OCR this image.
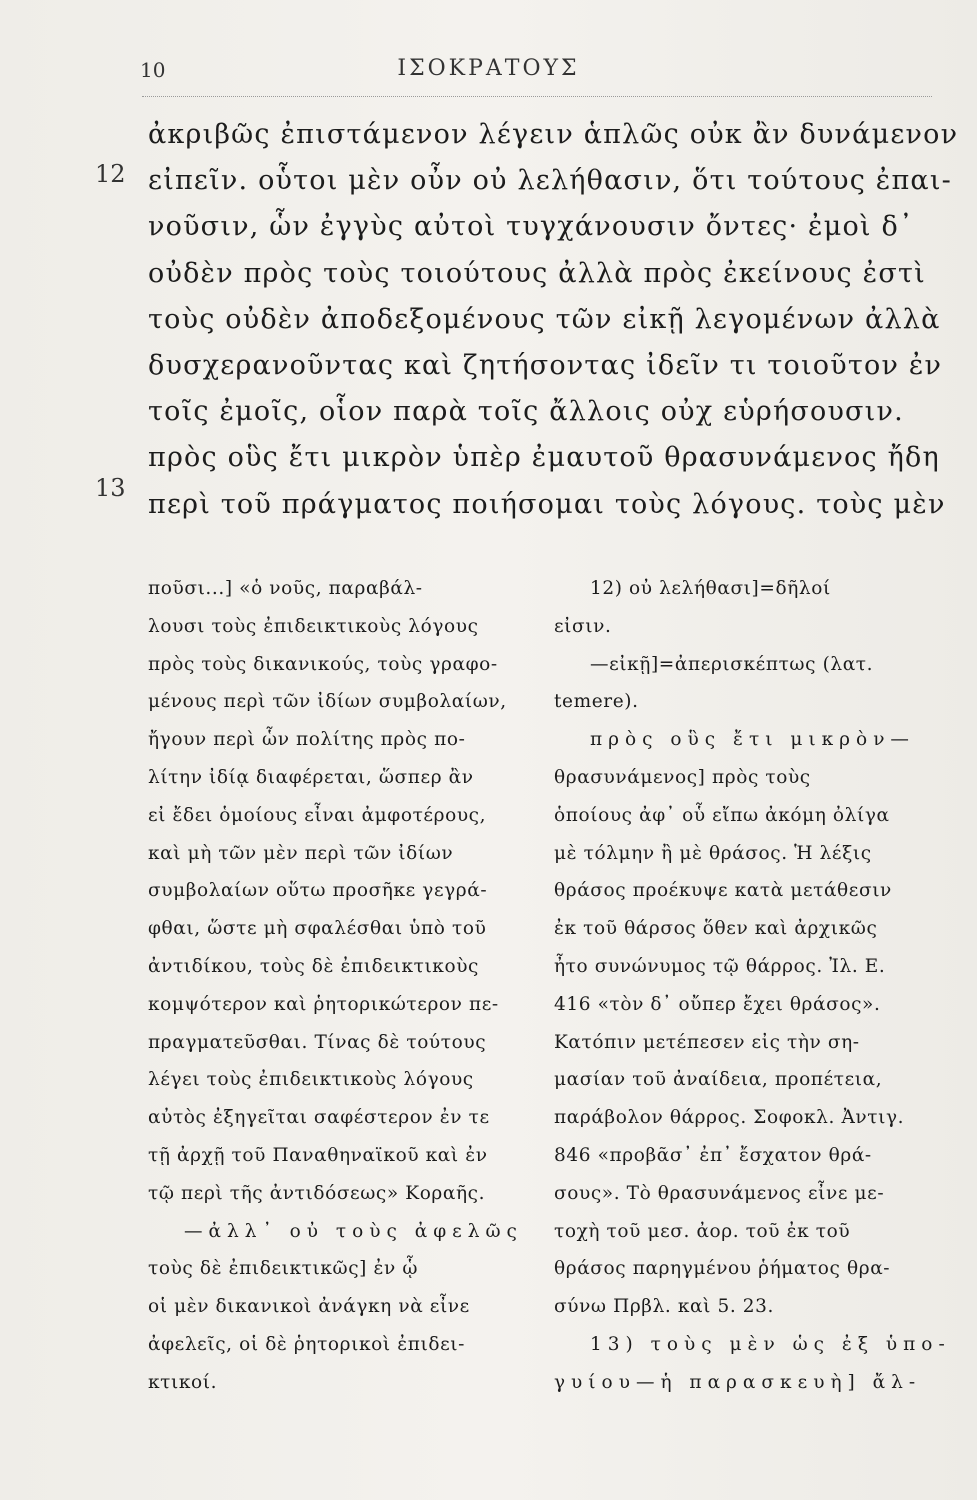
10	ΙΣΟΚΡΑΤΟΥΣ
12
13
ἀκριβῶς ἐπιστάμενον λέγειν ἁπλῶς οὐκ ἂν δυνάμενον
εἰπεῖν. οὗτοι μὲν οὖν οὐ λελήθασιν, ὅτι τούτους ἐπαι-
νοῦσιν, ὧν ἐγγὺς αὐτοὶ τυγχάνουσιν ὄντες· ἐμοὶ δ᾽
οὐδὲν πρὸς τοὺς τοιούτους ἀλλὰ πρὸς ἐκείνους ἐστὶ
τοὺς οὐδὲν ἀποδεξομένους τῶν εἰκῇ λεγομένων ἀλλὰ
δυσχερανοῦντας καὶ ζητήσοντας ἰδεῖν τι τοιοῦτον ἐν
τοῖς ἐμοῖς, οἷον παρὰ τοῖς ἄλλοις οὐχ εὑρήσουσιν.
πρὸς οὓς ἔτι μικρὸν ὑπὲρ ἐμαυτοῦ θρασυνάμενος ἤδη
περὶ τοῦ πράγματος ποιήσομαι τοὺς λόγους. τοὺς μὲν
ποῦσι...] «ὁ νοῦς, παραβάλ-
λουσι τοὺς ἐπιδεικτικοὺς λόγους
πρὸς τοὺς δικανικούς, τοὺς γραφο-
μένους περὶ τῶν ἰδίων συμβολαίων,
ἤγουν περὶ ὧν πολίτης πρὸς πο-
λίτην ἰδίᾳ διαφέρεται, ὥσπερ ἂν
εἰ ἔδει ὁμοίους εἶναι ἀμφοτέρους,
καὶ μὴ τῶν μὲν περὶ τῶν ἰδίων
συμβολαίων οὕτω προσῆκε γεγρά-
φθαι, ὥστε μὴ σφαλέσθαι ὑπὸ τοῦ
ἀντιδίκου, τοὺς δὲ ἐπιδεικτικοὺς
κομψότερον καὶ ῥητορικώτερον πε-
πραγματεῦσθαι. Τίνας δὲ τούτους
λέγει τοὺς ἐπιδεικτικοὺς λόγους
αὐτὸς ἐξηγεῖται σαφέστερον ἐν τε
τῇ ἀρχῇ τοῦ Παναθηναϊκοῦ καὶ ἐν
τῷ περὶ τῆς ἀντιδόσεως» Κοραῆς.
—ἀλλ᾽ οὐ τοὺς ἀφελῶς
τοὺς δὲ ἐπιδεικτικῶς] ἐν ᾧ
οἱ μὲν δικανικοὶ ἀνάγκη νὰ εἶνε
ἀφελεῖς, οἱ δὲ ῥητορικοὶ ἐπιδει-
κτικοί.
12) οὐ λελήθασι]=δῆλοί
εἰσιν.
—εἰκῇ]=ἀπερισκέπτως (λατ.
temere).
πρὸς οὓς ἔτι μικρὸν—
θρασυνάμενος] πρὸς τοὺς
ὁποίους ἀφ᾽ οὗ εἴπω ἀκόμη ὀλίγα
μὲ τόλμην ἢ μὲ θράσος. Ἡ λέξις
θράσος προέκυψε κατὰ μετάθεσιν
ἐκ τοῦ θάρσος ὅθεν καὶ ἀρχικῶς
ἦτο συνώνυμος τῷ θάρρος. Ἰλ. Ε.
416 «τὸν δ᾽ οὔπερ ἔχει θράσος».
Κατόπιν μετέπεσεν εἰς τὴν ση-
μασίαν τοῦ ἀναίδεια, προπέτεια,
παράβολον θάρρος. Σοφοκλ. Ἀντιγ.
846 «προβᾶσ᾽ ἐπ᾽ ἔσχατον θρά-
σους». Τὸ θρασυνάμενος εἶνε με-
τοχὴ τοῦ μεσ. ἀορ. τοῦ ἐκ τοῦ
θράσος παρηγμένου ῥήματος θρα-
σύνω Πρβλ. καὶ 5. 23.
13) τοὺς μὲν ὡς ἐξ ὑπο-
γυίου—ἡ παρασκευὴ] ἄλ-
